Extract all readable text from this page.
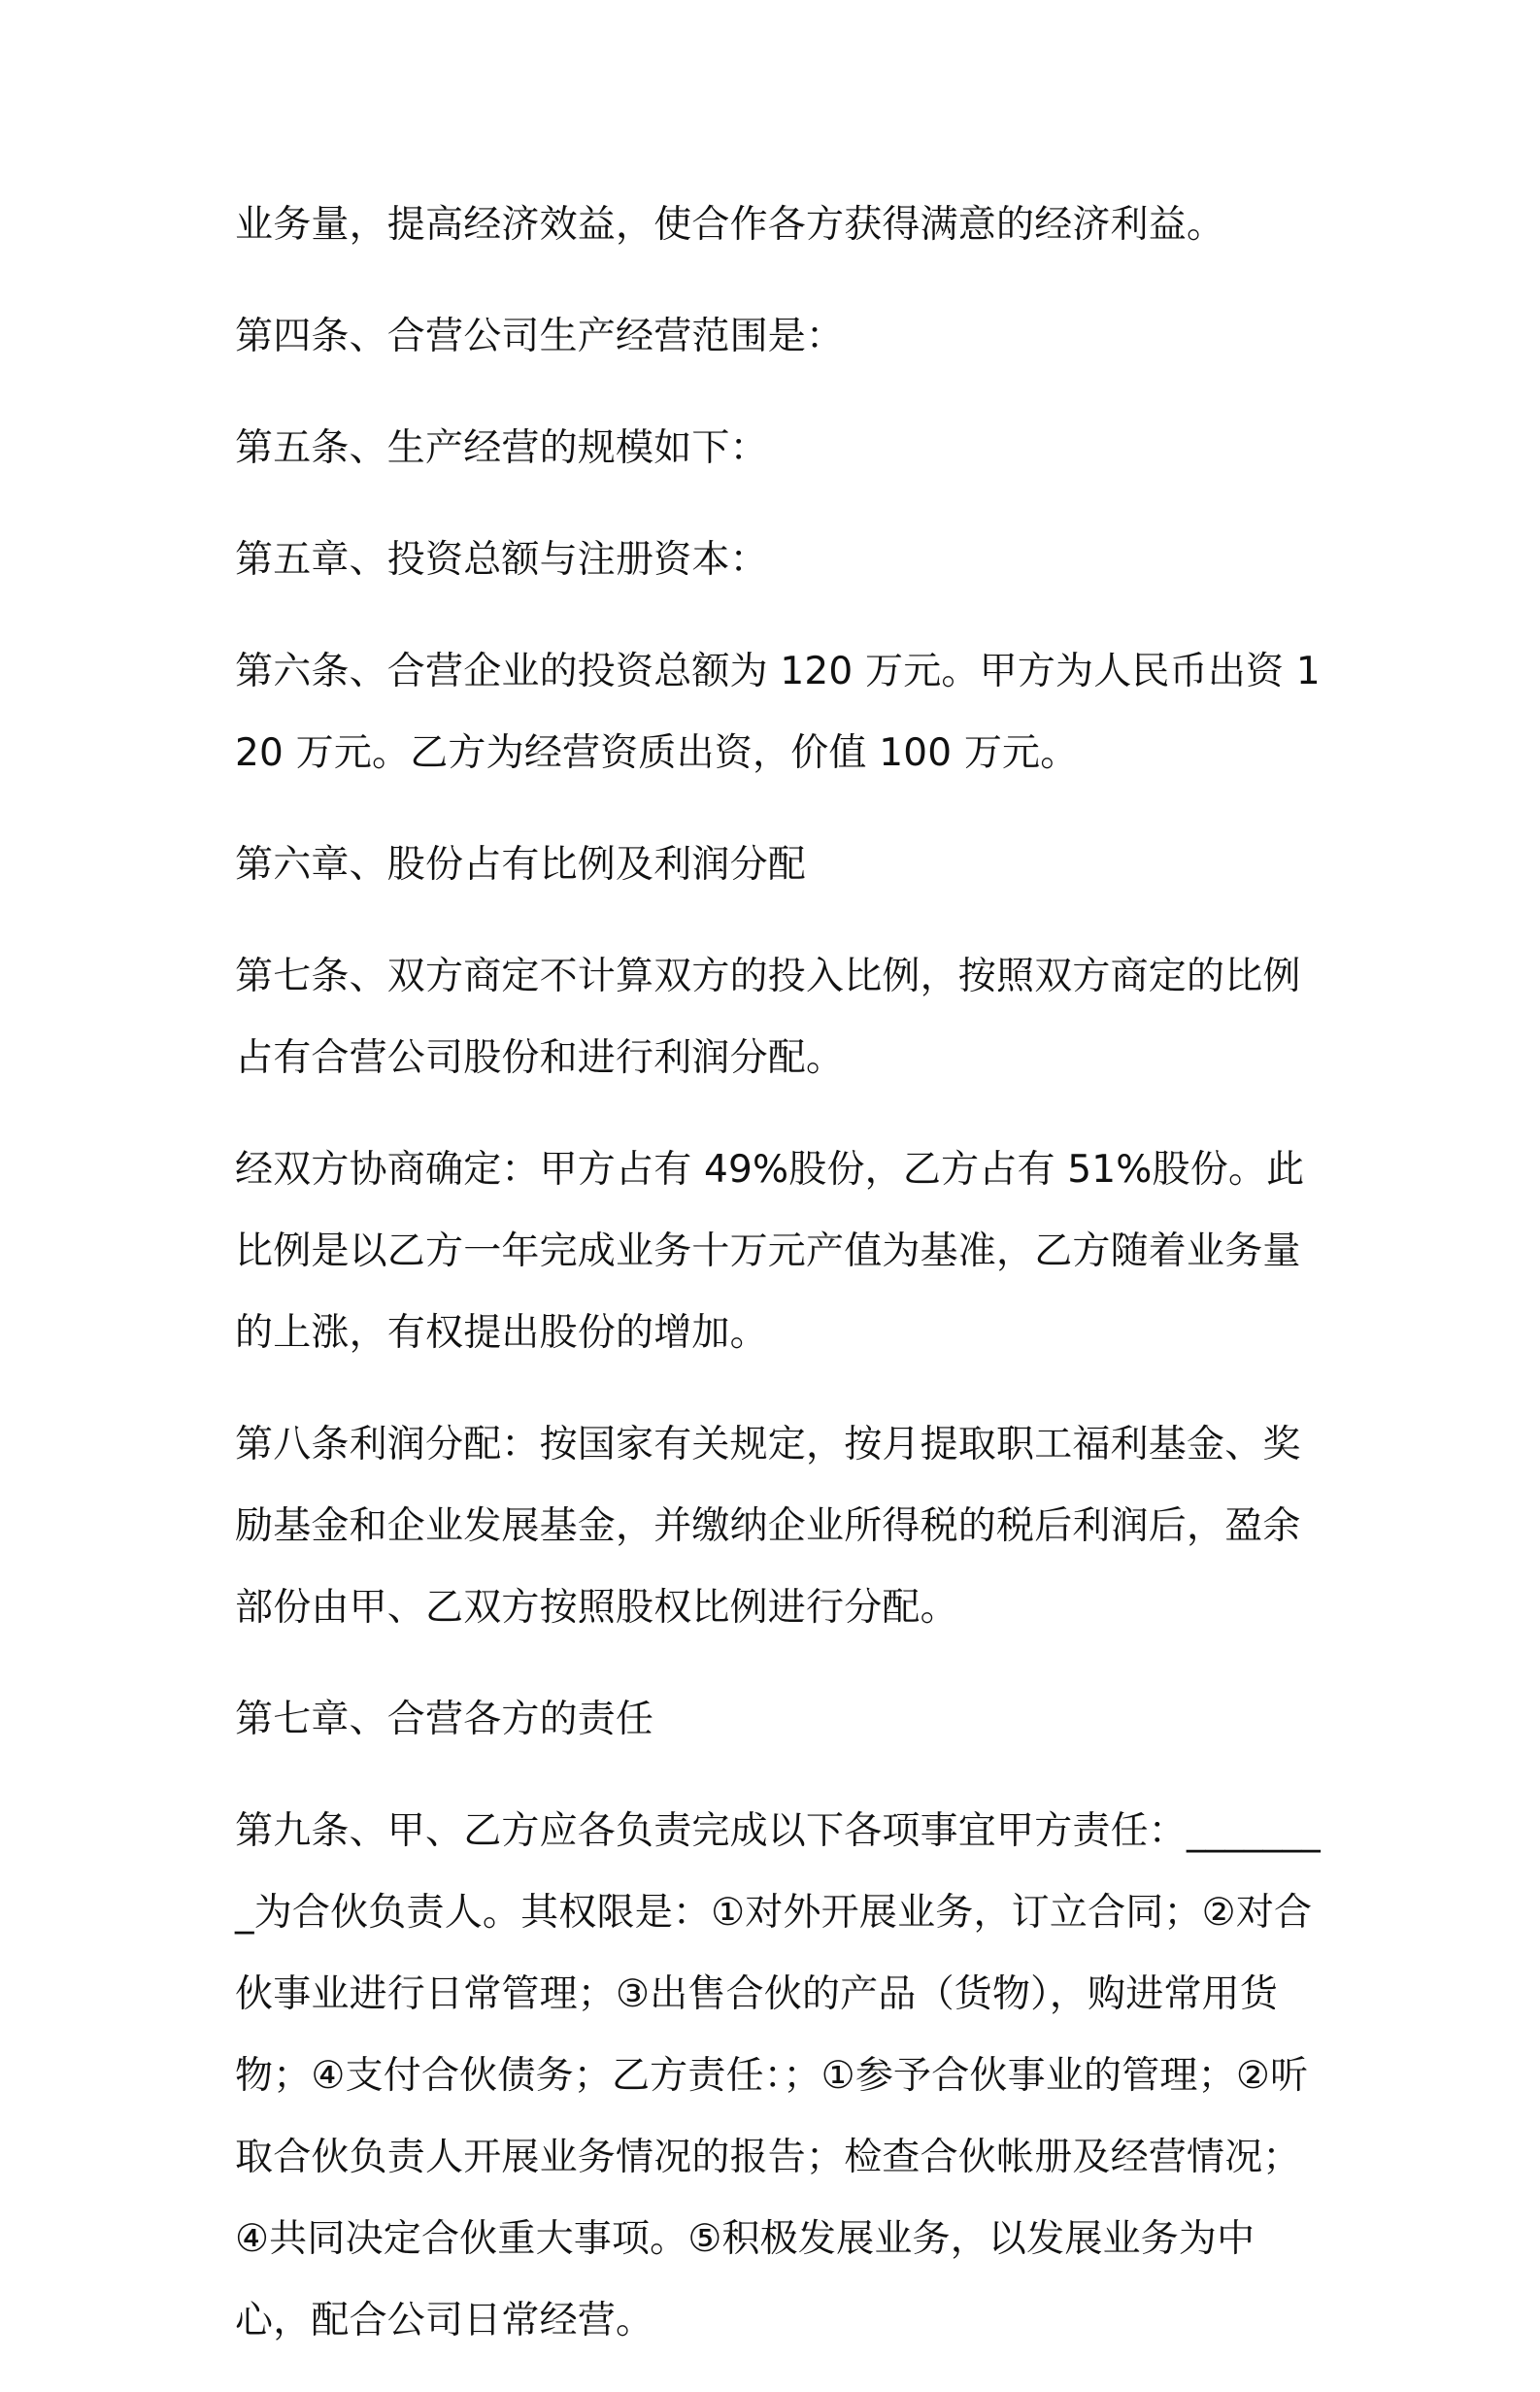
业务量，提高经济效益，使合作各方获得满意的经济利益。

第四条、合营公司生产经营范围是：

第五条、生产经营的规模如下：

第五章、投资总额与注册资本：

第六条、合营企业的投资总额为 120 万元。甲方为人民币出资 120 万元。乙方为经营资质出资，价值 100 万元。

第六章、股份占有比例及利润分配

第七条、双方商定不计算双方的投入比例，按照双方商定的比例占有合营公司股份和进行利润分配。

经双方协商确定：甲方占有 49%股份，乙方占有 51%股份。此比例是以乙方一年完成业务十万元产值为基准，乙方随着业务量的上涨，有权提出股份的增加。

第八条利润分配：按国家有关规定，按月提取职工福利基金、奖励基金和企业发展基金，并缴纳企业所得税的税后利润后，盈余部份由甲、乙双方按照股权比例进行分配。

第七章、合营各方的责任

第九条、甲、乙方应各负责完成以下各项事宜甲方责任：________为合伙负责人。其权限是：①对外开展业务，订立合同；②对合伙事业进行日常管理；③出售合伙的产品（货物），购进常用货物；④支付合伙债务；乙方责任：；①参予合伙事业的管理；②听取合伙负责人开展业务情况的报告；检查合伙帐册及经营情况；④共同决定合伙重大事项。⑤积极发展业务，以发展业务为中心，配合公司日常经营。
